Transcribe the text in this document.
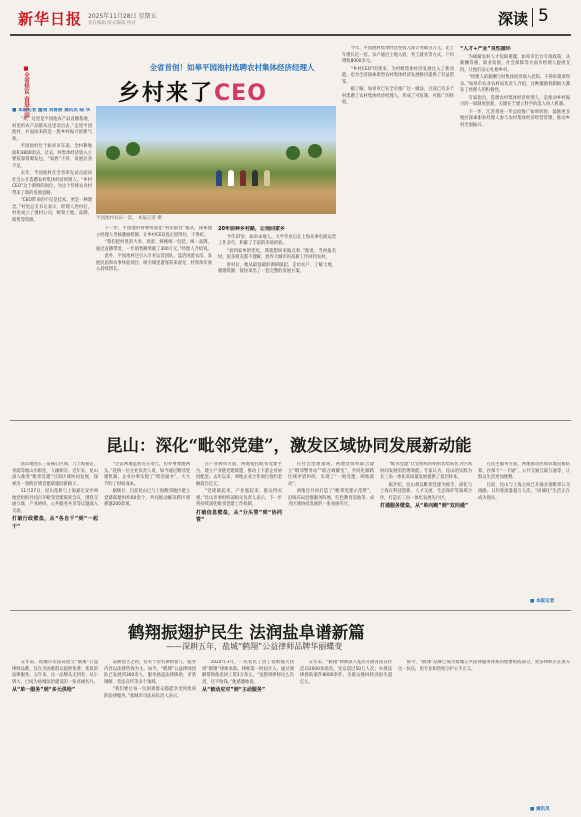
新华日报 2025年11月28日 星期五
责任编辑 版式编辑 校对	深读 5
■全省热议 奋进中国	全省首创！如皋平园池村选聘农村集体经济经理人
乡村来了CEO
平园池村农田一景。 本报记者 摄
■ 本报记者 董翔 刘春燕 通讯员 陆 华

“来，这里是平园池农产品直播基地，村里的农产品都从这里卖出去。”走进平园池村，扑面而来的是一股乡村振兴的新气象。

平园池村位于如皋市东南，全村耕地面积3800余亩。过去，村集体经济收入主要依靠资源发包，“家底”不厚、发展后劲不足。

去年，平园池村在全省率先试点面向社会公开选聘农村集体经济经理人。“乡村CEO”这个新鲜的岗位，为这个传统农业村带来了新的发展思路。

“CEO带来的不仅是技术，更是一种理念。”村党总支书记表示，经理人进村后，村里成立了强村公司，统筹土地、品牌、销售等资源。

下一步，平园池村将继续深化“村企联营”模式，探索建立经理人考核激励机制，让乡村CEO真正留得住、干得好。

“我们把村里的大米、鸡蛋、鲜桃统一包装、统一品牌，通过直播带货，一年销售额突破了300万元。”经理人介绍说。

此外，平园池村还引入专业运营团队，盘活闲置农房，发展民宿和农事体验项目，吸引城里游客前来观光，村集体年收入持续增长。

20年前种乡村路，让他回家乡

今年37岁，如皋本地人。大学毕业后在上海从事电商运营工作多年，积累了丰富的市场经验。

“看到家乡的变化，我就想回来做点事。”他说，当初报名时，很多朋友都不理解，放弃大城市的高薪工作回到农村。

进村后，他从最基础的调研做起，走访农户、了解土地、梳理资源，很快拿出了一套完整的发展方案。

今年，平园池村集体经营性收入预计突破百万元，比上年增长近一倍。农户通过土地入股、务工就业等方式，户均增收8000多元。

“乡村CEO”的到来，为村级集体经济发展注入了新动能，也为全省探索新型农村集体经济发展路径提供了有益借鉴。

据了解，如皋市已在全市推广这一做法，目前已有多个村选聘了农村集体经济经理人，形成了可复制、可推广的经验。

“人才+产业”良性循环

为破解农村人才短缺难题，如皋市出台专项政策，从薪酬待遇、职业发展、社会保障等方面为经理人提供支持，让他们安心扎根乡村。

“经理人的薪酬与村集体经济收入挂钩，干得好就拿得多。”如皋市农业农村局负责人介绍，这种激励机制极大激发了经理人的积极性。

专家指出，选聘农村集体经济经理人，是推动乡村振兴的一项制度创新，关键在于建立科学的选人用人机制。

下一步，江苏将进一步总结推广如皋经验，鼓励更多地区探索职业经理人参与农村集体经济经营管理，推动乡村全面振兴。

昆山：深化“毗邻党建”，激发区域协同发展新动能

昆山地处长三角核心区域，与上海嘉定、青浦等地山水相连、人缘相亲。近年来，昆山深入推进“毗邻党建”引领区域协同发展，探索出一条跨区域党建联建的新路子。

11月27日，昆山花桥与上海嘉定安亭两地党组织共同召开毗邻党建联席会议，围绕交通互联、产业协同、公共服务共享等议题深入交流。

打破行政壁垒，从“各自干”到“一起干”

“过去两地虽然近在咫尺，但办事要跑两头。”花桥一位企业负责人说，如今通过毗邻党建机制，企业办事实现了“跨省通办”，大大节约了时间成本。

据统计，目前昆山已与上海毗邻地区建立党建联建组织60余个，共同推动解决跨区域难题200余项。

在产业协同方面，两地依托毗邻党建平台，建立产业链党建联盟，推动上下游企业协同配套。去年以来，两地企业合作项目签约金额超百亿元。

“党建联起来，产业强起来，群众得实惠。”昆山市委组织部相关负责人表示，下一步将持续深化毗邻党建工作机制。

打破信息壁垒，从“分头管”到“协同管”

在社会治理领域，两地党组织联合建立“毗邻警务站”“联合调解室”，共同化解跨区域矛盾纠纷，实现了“一地受理、两地联动”。

两地还共同打造了“毗邻党建示范带”，沿线布局党群服务阵地、红色教育基地等，成为区域协同发展的一张亮丽名片。

“毗邻党建”让党组织的组织优势转化为区域协同发展的治理效能。专家认为，昆山的实践为长三角一体化高质量发展提供了基层样本。

据介绍，昆山将以毗邻党建为抓手，深化与上海在科技创新、人才交流、生态保护等领域合作，打造长三角一体化发展先行区。

打通服务壁垒，从“单向跑”到“双向通”

在民生服务方面，两地推动医保异地直接结算、社保卡“一卡通”、公共交通互联互通等，让群众生活更加便利。

目前，昆山与上海之间已开通多条毗邻公交线路，日均客流量超万人次，“同城化”生活正在成为现实。

■ 本报记者
鹤翔振翅护民生 法润盐阜谱新篇
——深耕五年，盐城“鹤翔”公益律师品牌华丽蝶变

五年前，盐城市司法局创立“鹤翔”公益律师品牌，旨在为困难群众提供免费、优质的法律服务。五年来，这一品牌从无到有、从小到大，已成为盐城法治建设的一张亮丽名片。

从“单一服务”到“多元供给”

品牌创立之初，仅有十余名律师参与，服务内容以法律咨询为主。如今，“鹤翔”公益律师团队已发展到300余人，服务涵盖法律援助、矛盾调解、普法宣传等多个领域。

“我们要让每一位困难群众都能享受到优质的法律服务。”盐城市司法局负责人表示。

2024年3月，一名农民工因工资被拖欠找到“鹤翔”律师求助。律师第一时间介入，通过调解帮助他追回工资3万余元。“没想到律师这么负责，还不收钱。”他感激地说。

从“被动应对”到“主动服务”

五年来，“鹤翔”律师深入基层开展普法宣传活动2000余场次，受众超过50万人次；办理法律援助案件8000余件，为群众挽回经济损失超亿元。

如今，“鹤翔”品牌已成为盐城公共法律服务体系的重要组成部分，更多律师正在加入这一队伍，用专业和热忱守护公平正义。

■ 通讯员
